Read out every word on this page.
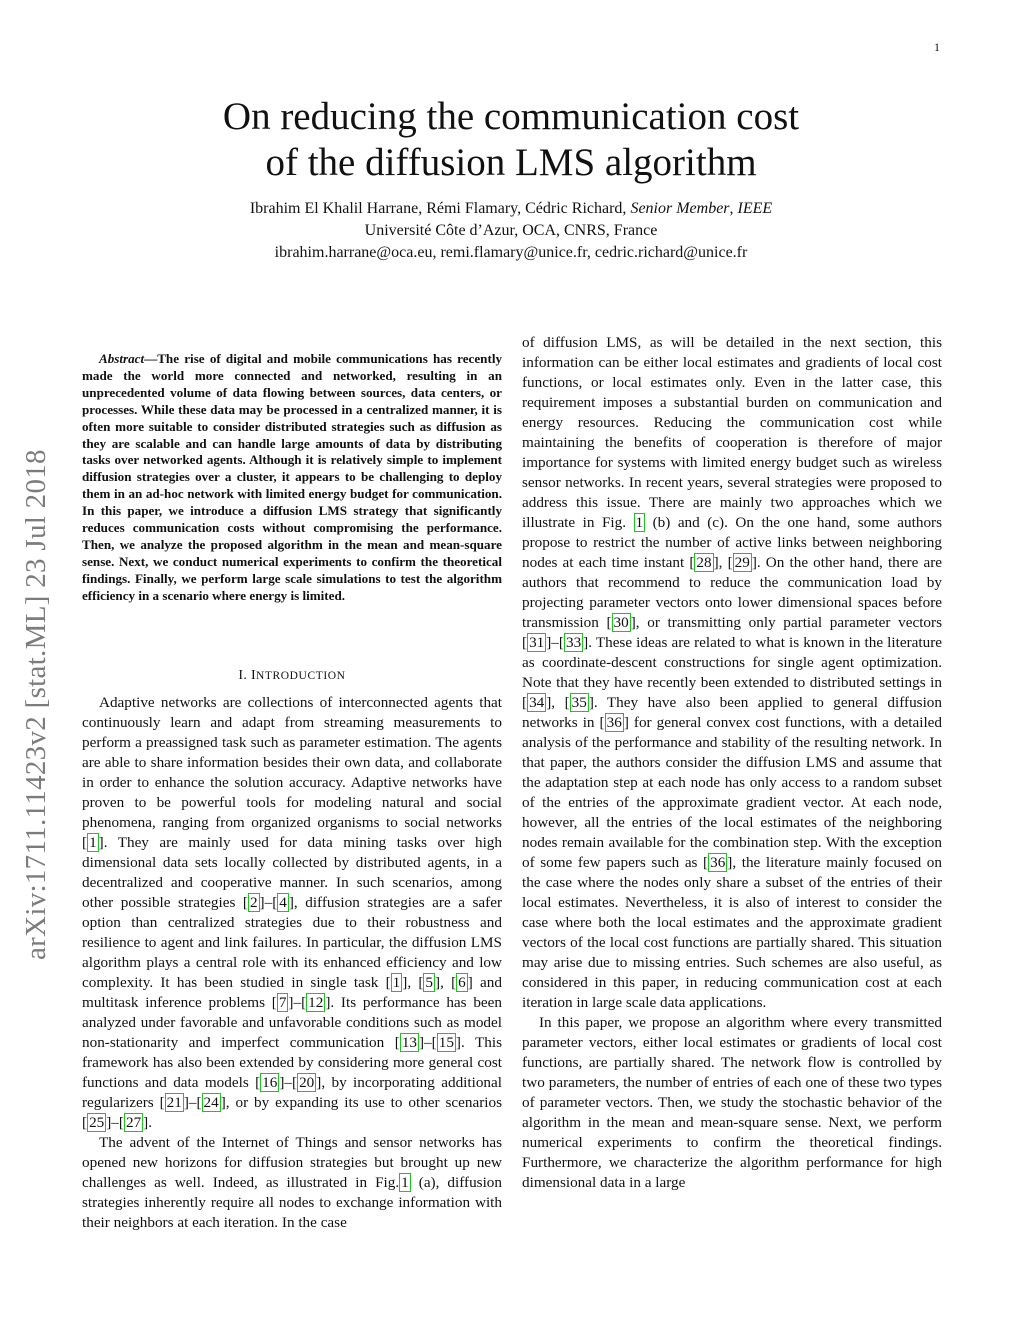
1
arXiv:1711.11423v2 [stat.ML] 23 Jul 2018
On reducing the communication cost
of the diffusion LMS algorithm
Ibrahim El Khalil Harrane, Rémi Flamary, Cédric Richard, Senior Member, IEEE
Université Côte d’Azur, OCA, CNRS, France
ibrahim.harrane@oca.eu, remi.flamary@unice.fr, cedric.richard@unice.fr
Abstract—The rise of digital and mobile communications has recently made the world more connected and networked, resulting in an unprecedented volume of data flowing between sources, data centers, or processes. While these data may be processed in a centralized manner, it is often more suitable to consider distributed strategies such as diffusion as they are scalable and can handle large amounts of data by distributing tasks over networked agents. Although it is relatively simple to implement diffusion strategies over a cluster, it appears to be challenging to deploy them in an ad-hoc network with limited energy budget for communication. In this paper, we introduce a diffusion LMS strategy that significantly reduces communication costs without compromising the performance. Then, we analyze the proposed algorithm in the mean and mean-square sense. Next, we conduct numerical experiments to confirm the theoretical findings. Finally, we perform large scale simulations to test the algorithm efficiency in a scenario where energy is limited.
I. INTRODUCTION

Adaptive networks are collections of interconnected agents that continuously learn and adapt from streaming measurements to perform a preassigned task such as parameter estimation. The agents are able to share information besides their own data, and collaborate in order to enhance the solution accuracy. Adaptive networks have proven to be powerful tools for modeling natural and social phenomena, ranging from organized organisms to social networks [ 1 ]. They are mainly used for data mining tasks over high dimensional data sets locally collected by distributed agents, in a decentralized and cooperative manner. In such scenarios, among other possible strategies [ 2 ]–[ 4 ], diffusion strategies are a safer option than centralized strategies due to their robustness and resilience to agent and link failures. In particular, the diffusion LMS algorithm plays a central role with its enhanced efficiency and low complexity. It has been studied in single task [ 1 ], [ 5 ], [ 6 ] and multitask inference problems [ 7 ]–[ 12 ]. Its performance has been analyzed under favorable and unfavorable conditions such as model non-stationarity and imperfect communication [ 13 ]–[ 15 ]. This framework has also been extended by considering more general cost functions and data models [ 16 ]–[ 20 ], by incorporating additional regularizers [ 21 ]–[ 24 ], or by expanding its use to other scenarios [ 25 ]–[ 27 ].

The advent of the Internet of Things and sensor networks has opened new horizons for diffusion strategies but brought up new challenges as well. Indeed, as illustrated in Fig. 1 (a), diffusion strategies inherently require all nodes to exchange information with their neighbors at each iteration. In the case

of diffusion LMS, as will be detailed in the next section, this information can be either local estimates and gradients of local cost functions, or local estimates only. Even in the latter case, this requirement imposes a substantial burden on communication and energy resources. Reducing the communication cost while maintaining the benefits of cooperation is therefore of major importance for systems with limited energy budget such as wireless sensor networks. In recent years, several strategies were proposed to address this issue. There are mainly two approaches which we illustrate in Fig. 1 (b) and (c). On the one hand, some authors propose to restrict the number of active links between neighboring nodes at each time instant [ 28 ], [ 29 ]. On the other hand, there are authors that recommend to reduce the communication load by projecting parameter vectors onto lower dimensional spaces before transmission [ 30 ], or transmitting only partial parameter vectors [ 31 ]–[ 33 ]. These ideas are related to what is known in the literature as coordinate-descent constructions for single agent optimization. Note that they have recently been extended to distributed settings in [ 34 ], [ 35 ]. They have also been applied to general diffusion networks in [ 36 ] for general convex cost functions, with a detailed analysis of the performance and stability of the resulting network. In that paper, the authors consider the diffusion LMS and assume that the adaptation step at each node has only access to a random subset of the entries of the approximate gradient vector. At each node, however, all the entries of the local estimates of the neighboring nodes remain available for the combination step. With the exception of some few papers such as [ 36 ], the literature mainly focused on the case where the nodes only share a subset of the entries of their local estimates. Nevertheless, it is also of interest to consider the case where both the local estimates and the approximate gradient vectors of the local cost functions are partially shared. This situation may arise due to missing entries. Such schemes are also useful, as considered in this paper, in reducing communication cost at each iteration in large scale data applications.

In this paper, we propose an algorithm where every transmitted parameter vectors, either local estimates or gradients of local cost functions, are partially shared. The network flow is controlled by two parameters, the number of entries of each one of these two types of parameter vectors. Then, we study the stochastic behavior of the algorithm in the mean and mean-square sense. Next, we perform numerical experiments to confirm the theoretical findings. Furthermore, we characterize the algorithm performance for high dimensional data in a large
